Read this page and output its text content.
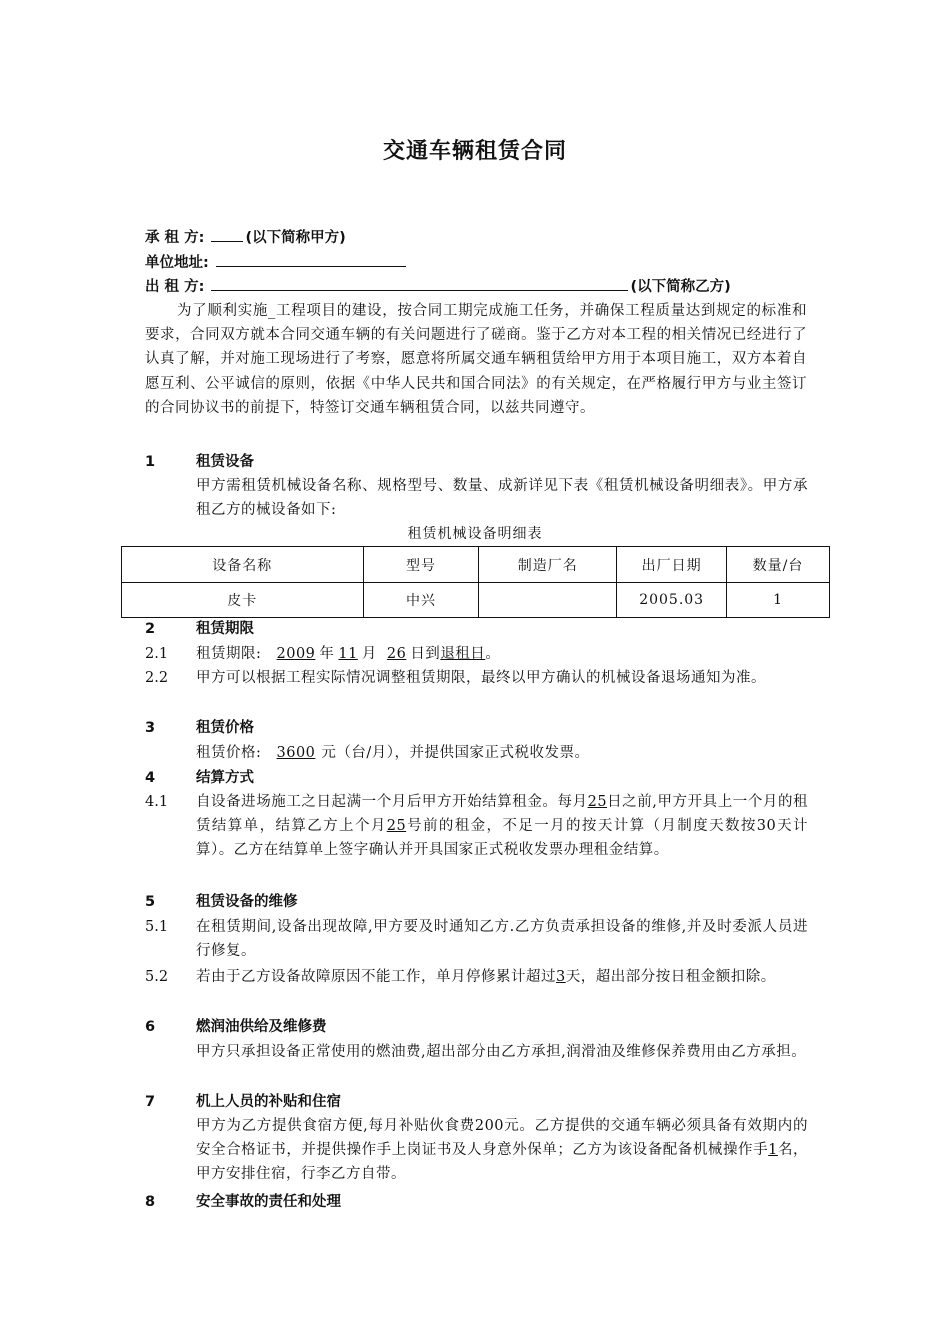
交通车辆租赁合同
承 租 方:	(以下简称甲方)
单位地址:
出 租 方:	(以下简称乙方)
为了顺利实施_工程项目的建设，按合同工期完成施工任务，并确保工程质量达到规定的标准和要求，合同双方就本合同交通车辆的有关问题进行了磋商。鉴于乙方对本工程的相关情况已经进行了认真了解，并对施工现场进行了考察，愿意将所属交通车辆租赁给甲方用于本项目施工，双方本着自愿互利、公平诚信的原则，依据《中华人民共和国合同法》的有关规定，在严格履行甲方与业主签订的合同协议书的前提下，特签订交通车辆租赁合同，以兹共同遵守。
1	租赁设备
甲方需租赁机械设备名称、规格型号、数量、成新详见下表《租赁机械设备明细表》。甲方承租乙方的械设备如下:
租赁机械设备明细表
设备名称	型号	制造厂名	出厂日期	数量/台
皮卡	中兴		2005.03	1
2	租赁期限
2.1 租赁期限: 2009 年 11 月 26 日到退租日。
2.2 甲方可以根据工程实际情况调整租赁期限，最终以甲方确认的机械设备退场通知为准。
3	租赁价格
租赁价格: 3600 元（台/月），并提供国家正式税收发票。
4	结算方式
4.1 自设备进场施工之日起满一个月后甲方开始结算租金。每月25日之前,甲方开具上一个月的租赁结算单，结算乙方上个月25号前的租金，不足一月的按天计算（月制度天数按30天计算）。乙方在结算单上签字确认并开具国家正式税收发票办理租金结算。
5	租赁设备的维修
5.1 在租赁期间,设备出现故障,甲方要及时通知乙方.乙方负责承担设备的维修,并及时委派人员进行修复。
5.2 若由于乙方设备故障原因不能工作，单月停修累计超过3天，超出部分按日租金额扣除。
6	燃润油供给及维修费
甲方只承担设备正常使用的燃油费,超出部分由乙方承担,润滑油及维修保养费用由乙方承担。
7	机上人员的补贴和住宿
甲方为乙方提供食宿方便,每月补贴伙食费200元。乙方提供的交通车辆必须具备有效期内的安全合格证书，并提供操作手上岗证书及人身意外保单；乙方为该设备配备机械操作手1名，甲方安排住宿，行李乙方自带。
8	安全事故的责任和处理
